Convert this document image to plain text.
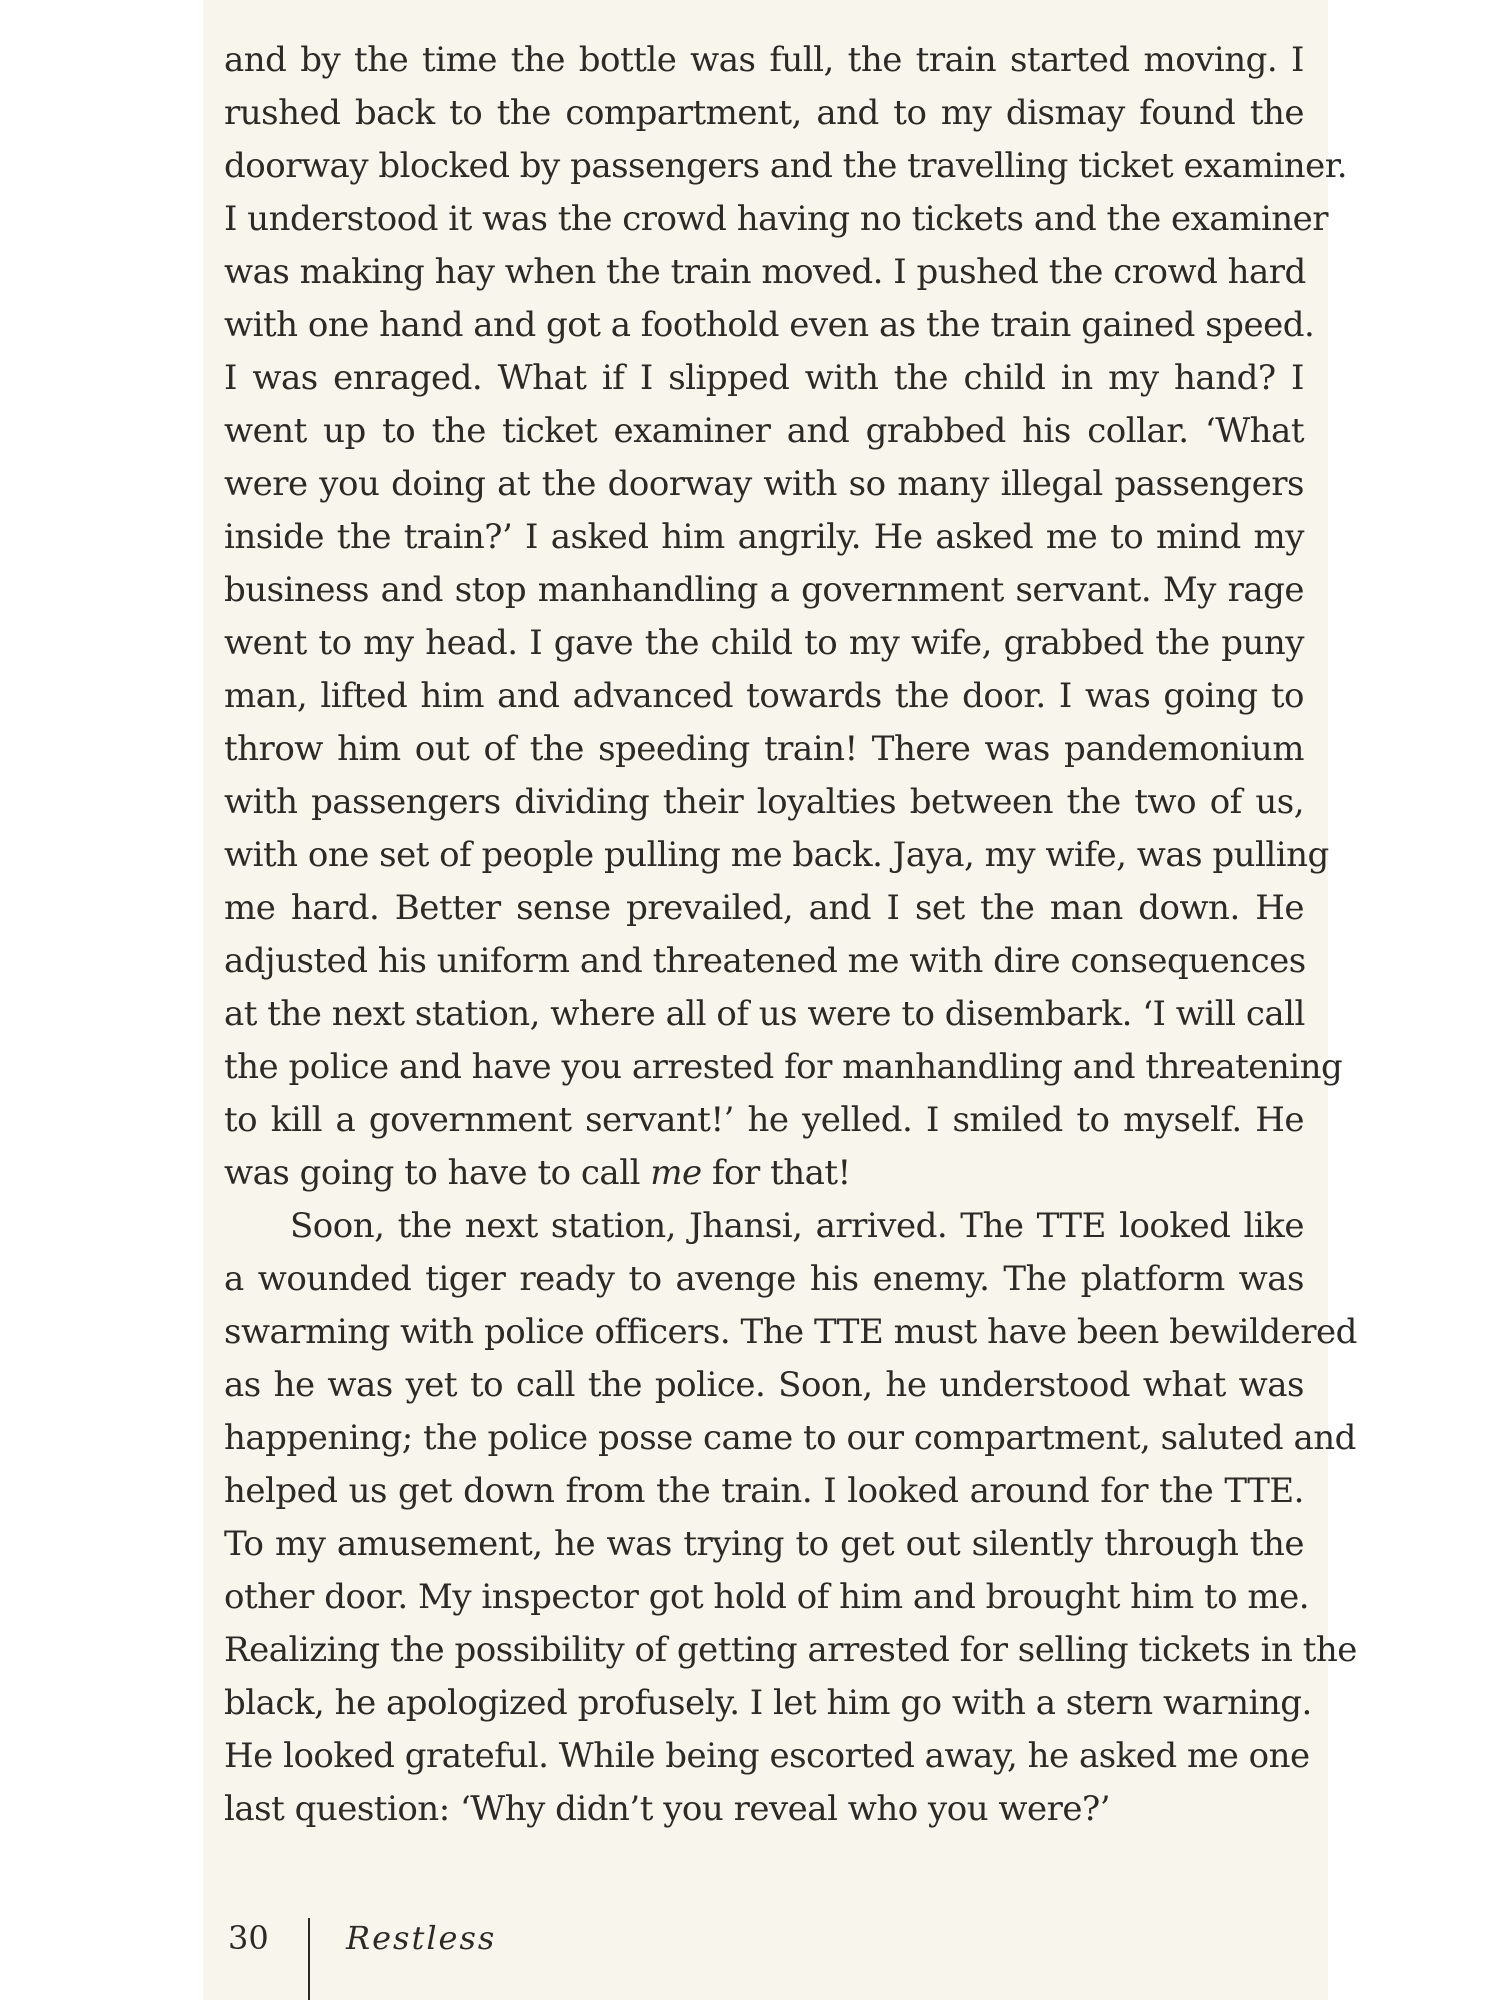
and by the time the bottle was full, the train started moving. I
rushed back to the compartment, and to my dismay found the
doorway blocked by passengers and the travelling ticket examiner.
I understood it was the crowd having no tickets and the examiner
was making hay when the train moved. I pushed the crowd hard
with one hand and got a foothold even as the train gained speed.
I was enraged. What if I slipped with the child in my hand? I
went up to the ticket examiner and grabbed his collar. ‘What
were you doing at the doorway with so many illegal passengers
inside the train?’ I asked him angrily. He asked me to mind my
business and stop manhandling a government servant. My rage
went to my head. I gave the child to my wife, grabbed the puny
man, lifted him and advanced towards the door. I was going to
throw him out of the speeding train! There was pandemonium
with passengers dividing their loyalties between the two of us,
with one set of people pulling me back. Jaya, my wife, was pulling
me hard. Better sense prevailed, and I set the man down. He
adjusted his uniform and threatened me with dire consequences
at the next station, where all of us were to disembark. ‘I will call
the police and have you arrested for manhandling and threatening
to kill a government servant!’ he yelled. I smiled to myself. He
was going to have to call me for that!
Soon, the next station, Jhansi, arrived. The TTE looked like
a wounded tiger ready to avenge his enemy. The platform was
swarming with police officers. The TTE must have been bewildered
as he was yet to call the police. Soon, he understood what was
happening; the police posse came to our compartment, saluted and
helped us get down from the train. I looked around for the TTE.
To my amusement, he was trying to get out silently through the
other door. My inspector got hold of him and brought him to me.
Realizing the possibility of getting arrested for selling tickets in the
black, he apologized profusely. I let him go with a stern warning.
He looked grateful. While being escorted away, he asked me one
last question: ‘Why didn’t you reveal who you were?’
30 Restless
